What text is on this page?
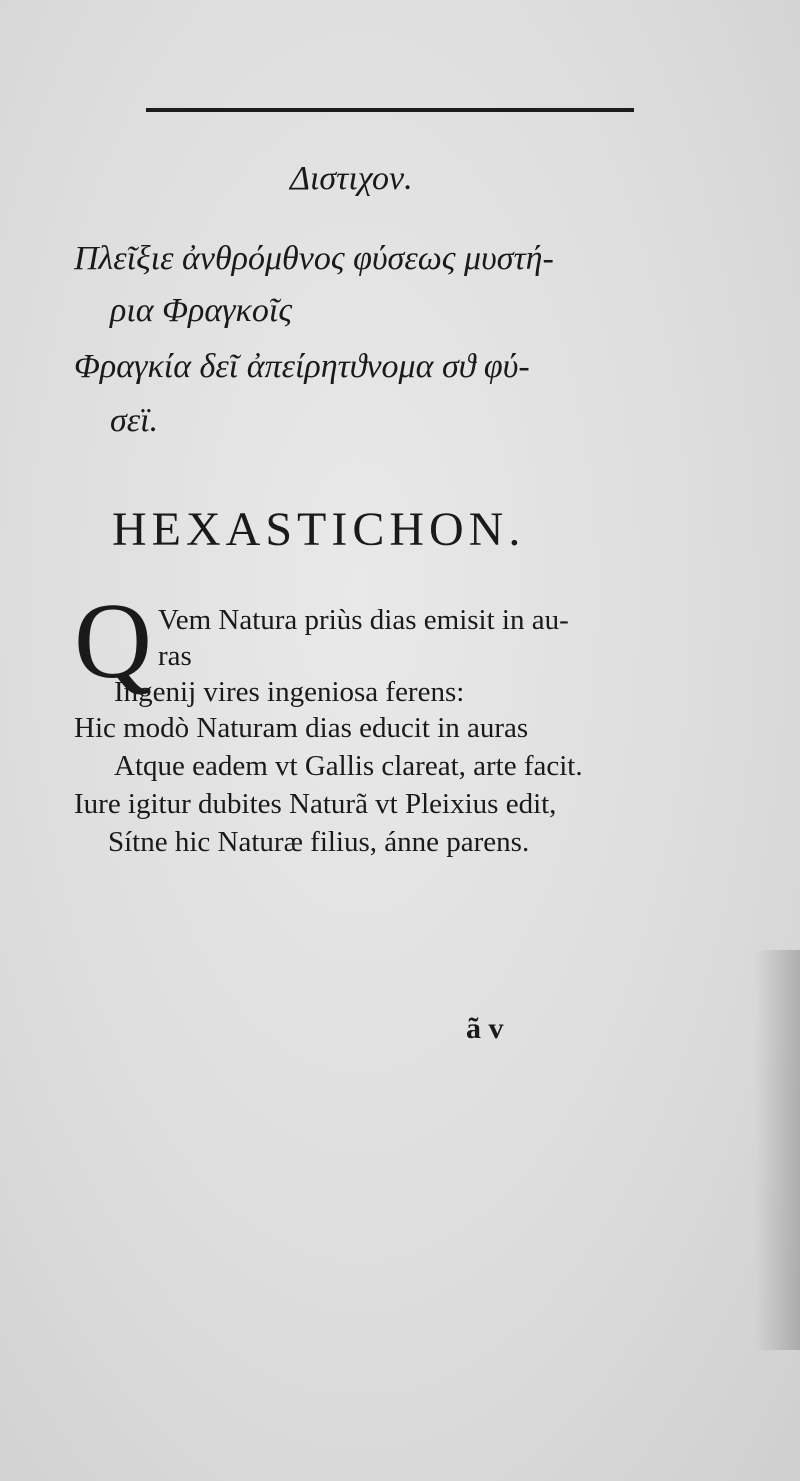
Διστιχον.
Πλεῖξιε ἀνθρόμθνος φύσεως μυστή-
ρια Φραγκοῖς
Φραγκία δεῖ ἀπείρητϑνομα σϑ φύ-
σεϊ.
HEXASTICHON.
Q Vem Natura priùs dias emisit in au-
ras
Ingenij vires ingeniosa ferens:
Hic modò Naturam dias educit in auras
Atque eadem vt Gallis clareat, arte facit.
Iure igitur dubites Naturã vt Pleixius edit,
Sítne hic Naturæ filius, ánne parens.
ã v
